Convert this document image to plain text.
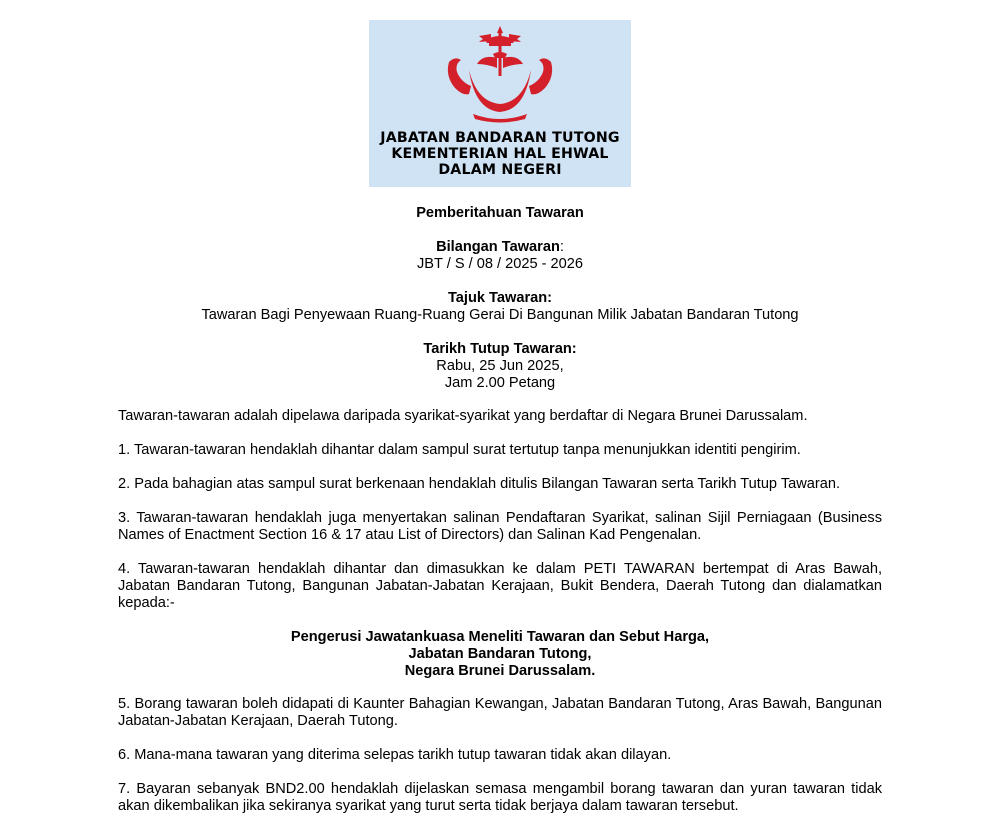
JABATAN BANDARAN TUTONG
KEMENTERIAN HAL EHWAL
DALAM NEGERI
Pemberitahuan Tawaran
Bilangan Tawaran:
JBT / S / 08 / 2025 - 2026
Tajuk Tawaran:
Tawaran Bagi Penyewaan Ruang-Ruang Gerai Di Bangunan Milik Jabatan Bandaran Tutong
Tarikh Tutup Tawaran:
Rabu, 25 Jun 2025,
Jam 2.00 Petang
Tawaran-tawaran adalah dipelawa daripada syarikat-syarikat yang berdaftar di Negara Brunei Darussalam.
1. Tawaran-tawaran hendaklah dihantar dalam sampul surat tertutup tanpa menunjukkan identiti pengirim.
2. Pada bahagian atas sampul surat berkenaan hendaklah ditulis Bilangan Tawaran serta Tarikh Tutup Tawaran.
3. Tawaran-tawaran hendaklah juga menyertakan salinan Pendaftaran Syarikat, salinan Sijil Perniagaan (Business Names of Enactment Section 16 & 17 atau List of Directors) dan Salinan Kad Pengenalan.
4. Tawaran-tawaran hendaklah dihantar dan dimasukkan ke dalam PETI TAWARAN bertempat di Aras Bawah, Jabatan Bandaran Tutong, Bangunan Jabatan-Jabatan Kerajaan, Bukit Bendera, Daerah Tutong dan dialamatkan kepada:-
Pengerusi Jawatankuasa Meneliti Tawaran dan Sebut Harga,
Jabatan Bandaran Tutong,
Negara Brunei Darussalam.
5. Borang tawaran boleh didapati di Kaunter Bahagian Kewangan, Jabatan Bandaran Tutong, Aras Bawah, Bangunan Jabatan-Jabatan Kerajaan, Daerah Tutong.
6. Mana-mana tawaran yang diterima selepas tarikh tutup tawaran tidak akan dilayan.
7. Bayaran sebanyak BND2.00 hendaklah dijelaskan semasa mengambil borang tawaran dan yuran tawaran tidak akan dikembalikan jika sekiranya syarikat yang turut serta tidak berjaya dalam tawaran tersebut.
